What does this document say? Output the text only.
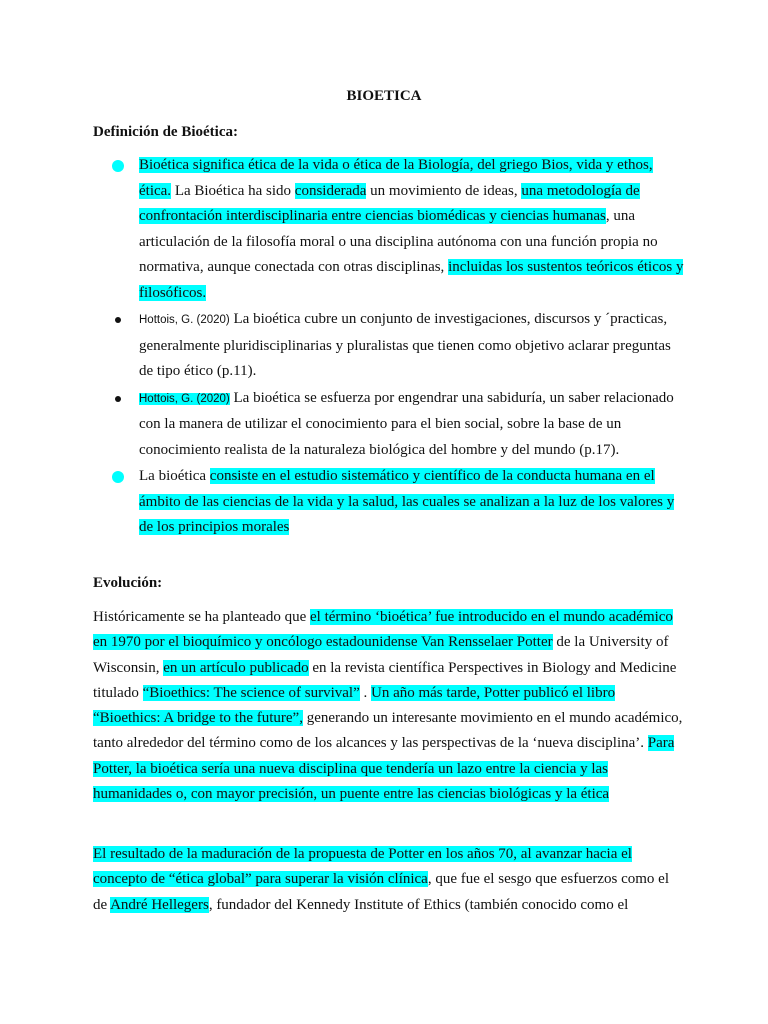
BIOETICA
Definición de Bioética:
Bioética significa ética de la vida o ética de la Biología, del griego Bios, vida y ethos, ética. La Bioética ha sido considerada un movimiento de ideas, una metodología de confrontación interdisciplinaria entre ciencias biomédicas y ciencias humanas, una articulación de la filosofía moral o una disciplina autónoma con una función propia no normativa, aunque conectada con otras disciplinas, incluidas los sustentos teóricos éticos y filosóficos.
Hottois, G. (2020) La bioética cubre un conjunto de investigaciones, discursos y ´practicas, generalmente pluridisciplinarias y pluralistas que tienen como objetivo aclarar preguntas de tipo ético (p.11).
Hottois, G. (2020) La bioética se esfuerza por engendrar una sabiduría, un saber relacionado con la manera de utilizar el conocimiento para el bien social, sobre la base de un conocimiento realista de la naturaleza biológica del hombre y del mundo (p.17).
La bioética consiste en el estudio sistemático y científico de la conducta humana en el ámbito de las ciencias de la vida y la salud, las cuales se analizan a la luz de los valores y de los principios morales
Evolución:
Históricamente se ha planteado que el término ‘bioética’ fue introducido en el mundo académico en 1970 por el bioquímico y oncólogo estadounidense Van Rensselaer Potter de la University of Wisconsin, en un artículo publicado en la revista científica Perspectives in Biology and Medicine titulado “Bioethics: The science of survival” . Un año más tarde, Potter publicó el libro “Bioethics: A bridge to the future”, generando un interesante movimiento en el mundo académico, tanto alrededor del término como de los alcances y las perspectivas de la ‘nueva disciplina’. Para Potter, la bioética sería una nueva disciplina que tendería un lazo entre la ciencia y las humanidades o, con mayor precisión, un puente entre las ciencias biológicas y la ética
El resultado de la maduración de la propuesta de Potter en los años 70, al avanzar hacia el concepto de “ética global” para superar la visión clínica, que fue el sesgo que esfuerzos como el de André Hellegers, fundador del Kennedy Institute of Ethics (también conocido como el
